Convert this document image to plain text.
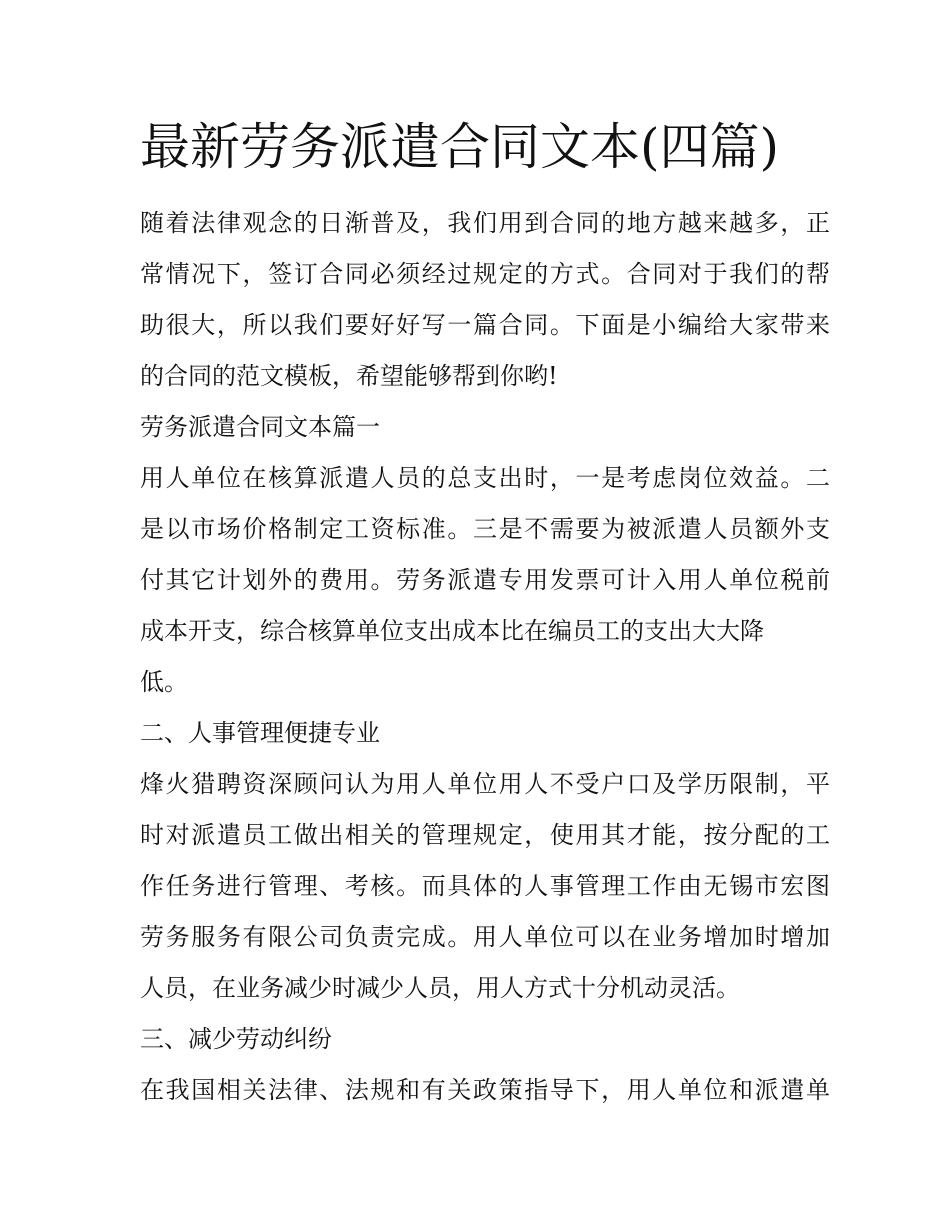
最新劳务派遣合同文本(四篇)
随着法律观念的日渐普及，我们用到合同的地方越来越多，正
常情况下，签订合同必须经过规定的方式。合同对于我们的帮
助很大，所以我们要好好写一篇合同。下面是小编给大家带来
的合同的范文模板，希望能够帮到你哟!
劳务派遣合同文本篇一
用人单位在核算派遣人员的总支出时，一是考虑岗位效益。二
是以市场价格制定工资标准。三是不需要为被派遣人员额外支
付其它计划外的费用。劳务派遣专用发票可计入用人单位税前
成本开支，综合核算单位支出成本比在编员工的支出大大降
低。
二、人事管理便捷专业
烽火猎聘资深顾问认为用人单位用人不受户口及学历限制，平
时对派遣员工做出相关的管理规定，使用其才能，按分配的工
作任务进行管理、考核。而具体的人事管理工作由无锡市宏图
劳务服务有限公司负责完成。用人单位可以在业务增加时增加
人员，在业务减少时减少人员，用人方式十分机动灵活。
三、减少劳动纠纷
在我国相关法律、法规和有关政策指导下，用人单位和派遣单
